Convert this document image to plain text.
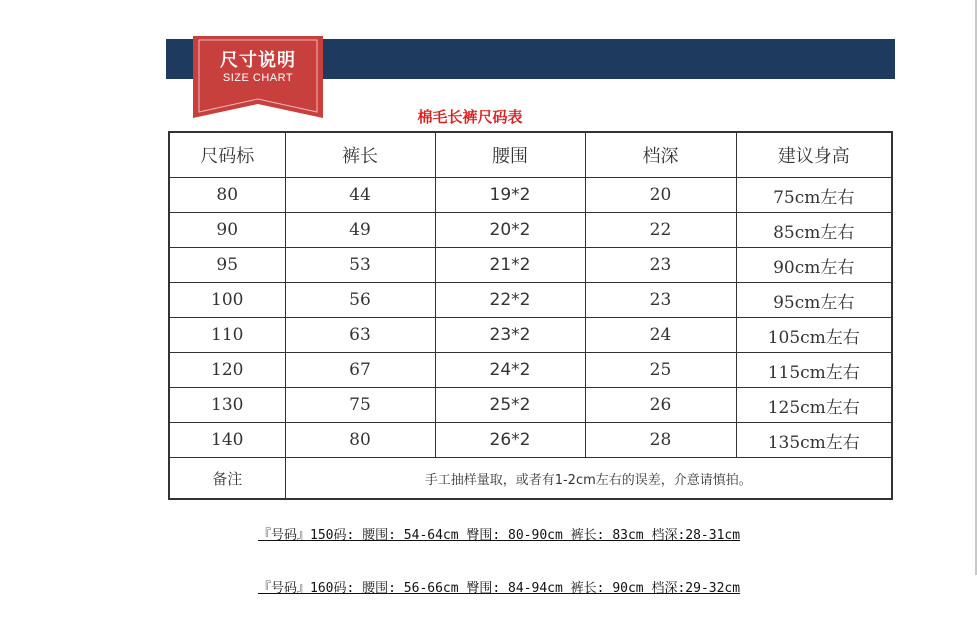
尺寸说明
SIZE CHART
棉毛长裤尺码表
尺码标	裤长	腰围	档深	建议身高
80	44	19*2	20	75cm左右
90	49	20*2	22	85cm左右
95	53	21*2	23	90cm左右
100	56	22*2	23	95cm左右
110	63	23*2	24	105cm左右
120	67	24*2	25	115cm左右
130	75	25*2	26	125cm左右
140	80	26*2	28	135cm左右
备注	手工抽样量取，或者有1-2cm左右的误差，介意请慎拍。			
『号码』150码: 腰围: 54-64cm 臀围: 80-90cm 裤长: 83cm 档深:28-31cm
『号码』160码: 腰围: 56-66cm 臀围: 84-94cm 裤长: 90cm 档深:29-32cm
